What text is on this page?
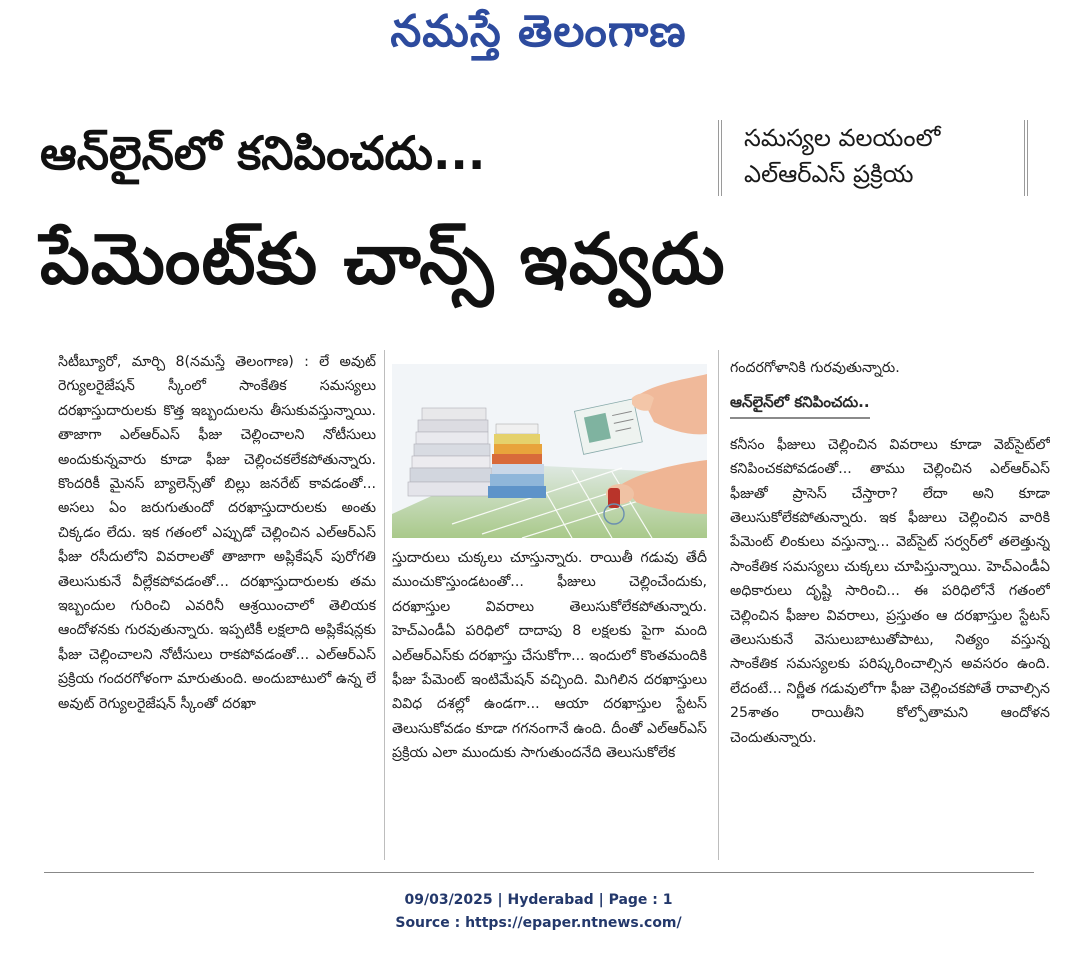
నమస్తే తెలంగాణ
ఆన్‌లైన్‌లో కనిపించదు...	సమస్యల వలయంలో
ఎల్‌ఆర్‌ఎస్ ప్రక్రియ
పేమెంట్‌కు చాన్స్ ఇవ్వదు

సిటీబ్యూరో, మార్చి 8(నమస్తే తెలంగాణ) : లే అవుట్ రెగ్యులరైజేషన్ స్కీంలో సాంకేతిక సమస్యలు దరఖాస్తుదారులకు కొత్త ఇబ్బందులను తీసుకువస్తున్నాయి. తాజాగా ఎల్‌ఆర్‌ఎస్ ఫీజు చెల్లించాలని నోటీసులు అందుకున్నవారు కూడా ఫీజు చెల్లించకలేకపోతున్నారు. కొందరికీ మైనస్ బ్యాలెన్స్‌తో బిల్లు జనరేట్ కావడంతో... అసలు ఏం జరుగుతుందో దరఖాస్తుదారులకు అంతు చిక్కడం లేదు. ఇక గతంలో ఎప్పుడో చెల్లించిన ఎల్‌ఆర్‌ఎస్ ఫీజు రసీదులోని వివరాలతో తాజాగా అప్లికేషన్ పురోగతి తెలుసుకునే వీల్లేకపోవడంతో... దరఖాస్తుదారులకు తమ ఇబ్బందుల గురించి ఎవరినీ ఆశ్రయించాలో తెలియక ఆందోళనకు గురవుతున్నారు. ఇప్పటికీ లక్షలాది అప్లికేషన్లకు ఫీజు చెల్లించాలని నోటీసులు రాకపోవడంతో... ఎల్‌ఆర్‌ఎస్ ప్రక్రియ గందరగోళంగా మారుతుంది. అందుబాటులో ఉన్న లే అవుట్ రెగ్యులరైజేషన్ స్కీంతో దరఖా

స్తుదారులు చుక్కలు చూస్తున్నారు. రాయితీ గడువు తేదీ ముంచుకొస్తుండటంతో... ఫీజులు చెల్లించేందుకు, దరఖాస్తుల వివరాలు తెలుసుకోలేకపోతున్నారు. హెచ్‌ఎండీఏ పరిధిలో దాదాపు 8 లక్షలకు పైగా మంది ఎల్‌ఆర్‌ఎస్‌కు దరఖాస్తు చేసుకోగా... ఇందులో కొంతమందికి ఫీజు పేమెంట్ ఇంటిమేషన్ వచ్చింది. మిగిలిన దరఖాస్తులు వివిధ దశల్లో ఉండగా... ఆయా దరఖాస్తుల స్టేటస్ తెలుసుకోవడం కూడా గగనంగానే ఉంది. దీంతో ఎల్‌ఆర్‌ఎస్ ప్రక్రియ ఎలా ముందుకు సాగుతుందనేది తెలుసుకోలేక

గందరగోళానికి గురవుతున్నారు.

ఆన్‌లైన్‌లో కనిపించదు..

కనీసం ఫీజులు చెల్లించిన వివరాలు కూడా వెబ్‌సైట్‌లో కనిపించకపోవడంతో... తాము చెల్లించిన ఎల్‌ఆర్‌ఎస్ ఫీజుతో ప్రాసెస్ చేస్తారా? లేదా అని కూడా తెలుసుకోలేకపోతున్నారు. ఇక ఫీజులు చెల్లించిన వారికి పేమెంట్ లింకులు వస్తున్నా... వెబ్‌సైట్ సర్వర్‌లో తలెత్తున్న సాంకేతిక సమస్యలు చుక్కలు చూపిస్తున్నాయి. హెచ్‌ఎండీఏ అధికారులు దృష్టి సారించి... ఈ పరిధిలోనే గతంలో చెల్లించిన ఫీజుల వివరాలు, ప్రస్తుతం ఆ దరఖాస్తుల స్టేటస్ తెలుసుకునే వెసులుబాటుతోపాటు, నిత్యం వస్తున్న సాంకేతిక సమస్యలకు పరిష్కరించాల్సిన అవసరం ఉంది. లేదంటే... నిర్ణీత గడువులోగా ఫీజు చెల్లించకపోతే రావాల్సిన 25శాతం రాయితీని కోల్పోతామని ఆందోళన చెందుతున్నారు.

09/03/2025 | Hyderabad | Page : 1
Source : https://epaper.ntnews.com/
